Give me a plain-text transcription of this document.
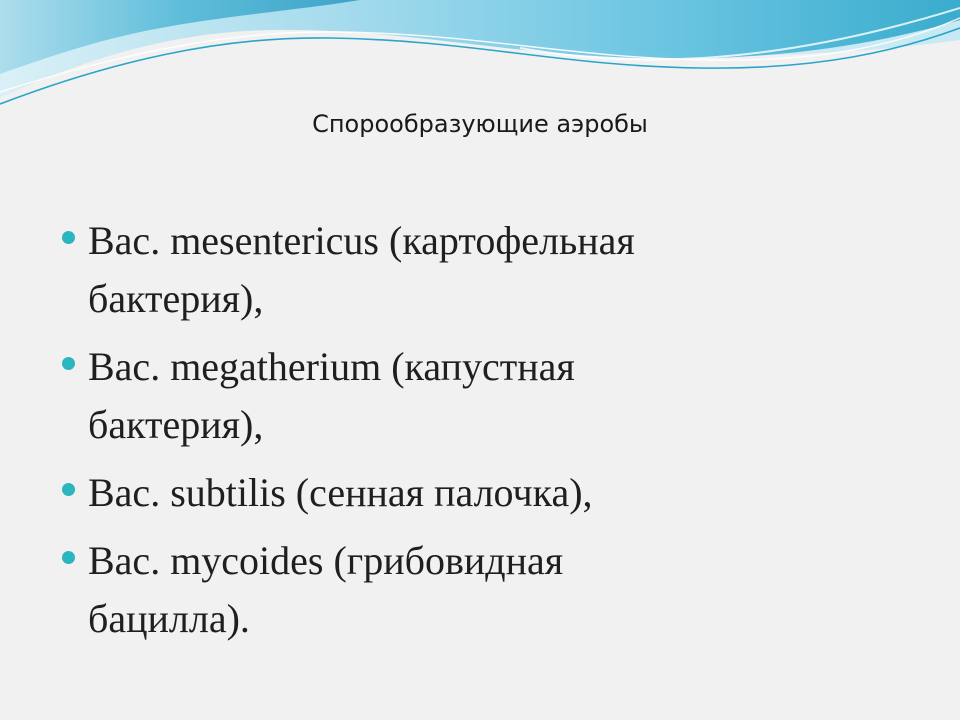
Спорообразующие аэробы
Bac. mesentericus (картофельная
бактерия),
Bac. megatherium (капустная
бактерия),
Bac. subtilis (сенная палочка),
Bac. mycoides (грибовидная
бацилла).
